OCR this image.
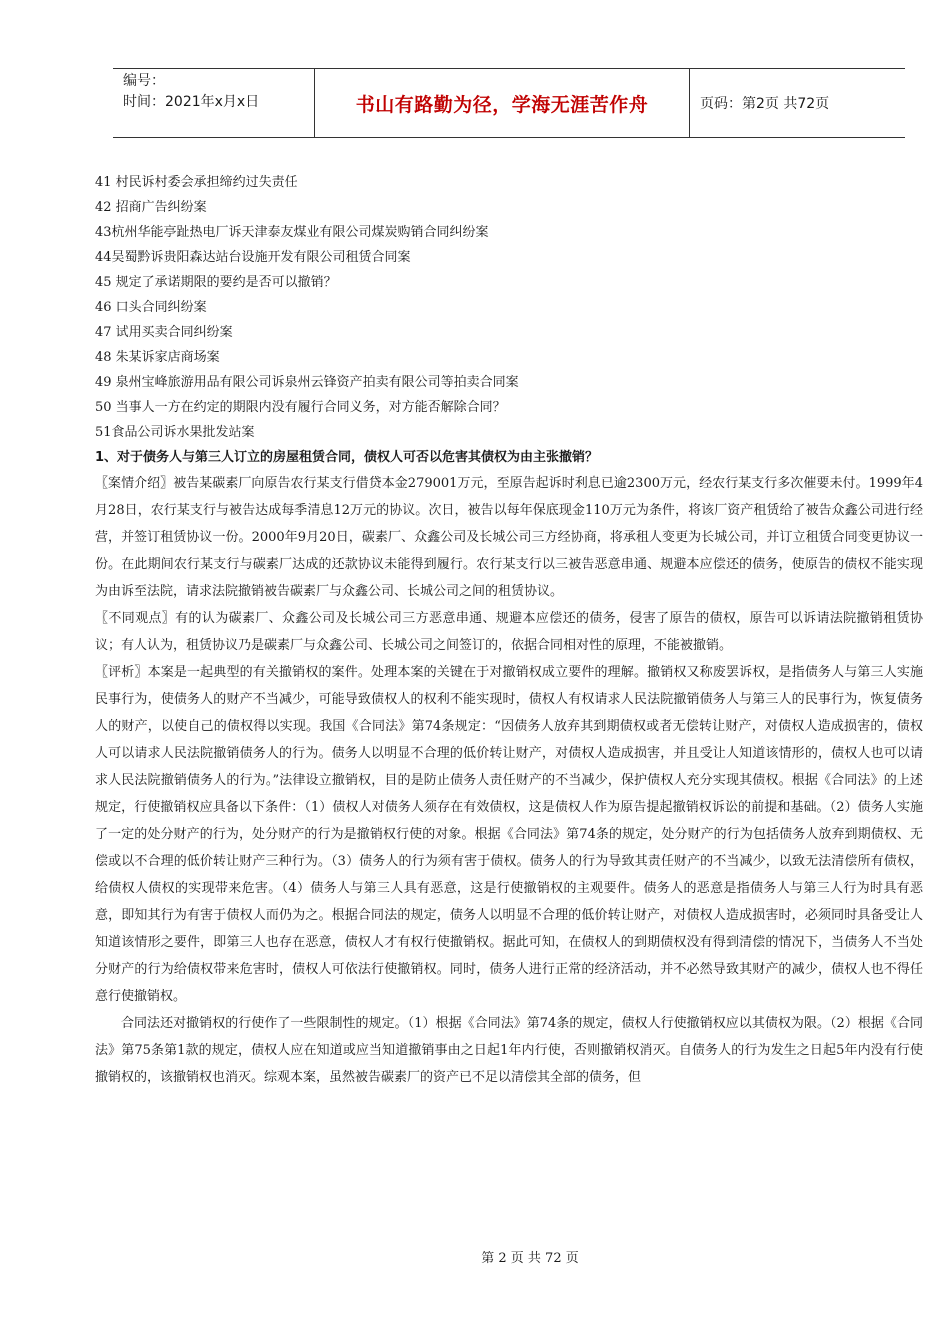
编号：
时间：2021年x月x日	书山有路勤为径，学海无涯苦作舟	页码：第2页 共72页
41 村民诉村委会承担缔约过失责任
42 招商广告纠纷案
43杭州华能亭趾热电厂诉天津泰友煤业有限公司煤炭购销合同纠纷案
44吴蜀黔诉贵阳森达站台设施开发有限公司租赁合同案
45 规定了承诺期限的要约是否可以撤销？
46 口头合同纠纷案
47 试用买卖合同纠纷案
48 朱某诉家店商场案
49 泉州宝峰旅游用品有限公司诉泉州云锋资产拍卖有限公司等拍卖合同案
50 当事人一方在约定的期限内没有履行合同义务，对方能否解除合同？
51食品公司诉水果批发站案
1、对于债务人与第三人订立的房屋租赁合同，债权人可否以危害其债权为由主张撤销？

〖案情介绍〗被告某碳素厂向原告农行某支行借贷本金279001万元，至原告起诉时利息已逾2300万元，经农行某支行多次催要未付。1999年4月28日，农行某支行与被告达成每季清息12万元的协议。次日，被告以每年保底现金110万元为条件，将该厂资产租赁给了被告众鑫公司进行经营，并签订租赁协议一份。2000年9月20日，碳素厂、众鑫公司及长城公司三方经协商，将承租人变更为长城公司，并订立租赁合同变更协议一份。在此期间农行某支行与碳素厂达成的还款协议未能得到履行。农行某支行以三被告恶意串通、规避本应偿还的债务，使原告的债权不能实现为由诉至法院，请求法院撤销被告碳素厂与众鑫公司、长城公司之间的租赁协议。

〖不同观点〗有的认为碳素厂、众鑫公司及长城公司三方恶意串通、规避本应偿还的债务，侵害了原告的债权，原告可以诉请法院撤销租赁协议；有人认为，租赁协议乃是碳素厂与众鑫公司、长城公司之间签订的，依据合同相对性的原理，不能被撤销。

〖评析〗本案是一起典型的有关撤销权的案件。处理本案的关键在于对撤销权成立要件的理解。撤销权又称废罢诉权，是指债务人与第三人实施民事行为，使债务人的财产不当减少，可能导致债权人的权利不能实现时，债权人有权请求人民法院撤销债务人与第三人的民事行为，恢复债务人的财产，以使自己的债权得以实现。我国《合同法》第74条规定：“因债务人放弃其到期债权或者无偿转让财产，对债权人造成损害的，债权人可以请求人民法院撤销债务人的行为。债务人以明显不合理的低价转让财产，对债权人造成损害，并且受让人知道该情形的，债权人也可以请求人民法院撤销债务人的行为。”法律设立撤销权，目的是防止债务人责任财产的不当减少，保护债权人充分实现其债权。根据《合同法》的上述规定，行使撤销权应具备以下条件：（1）债权人对债务人须存在有效债权，这是债权人作为原告提起撤销权诉讼的前提和基础。（2）债务人实施了一定的处分财产的行为，处分财产的行为是撤销权行使的对象。根据《合同法》第74条的规定，处分财产的行为包括债务人放弃到期债权、无偿或以不合理的低价转让财产三种行为。（3）债务人的行为须有害于债权。债务人的行为导致其责任财产的不当减少，以致无法清偿所有债权，给债权人债权的实现带来危害。（4）债务人与第三人具有恶意，这是行使撤销权的主观要件。债务人的恶意是指债务人与第三人行为时具有恶意，即知其行为有害于债权人而仍为之。根据合同法的规定，债务人以明显不合理的低价转让财产，对债权人造成损害时，必须同时具备受让人知道该情形之要件，即第三人也存在恶意，债权人才有权行使撤销权。据此可知，在债权人的到期债权没有得到清偿的情况下，当债务人不当处分财产的行为给债权带来危害时，债权人可依法行使撤销权。同时，债务人进行正常的经济活动，并不必然导致其财产的减少，债权人也不得任意行使撤销权。

合同法还对撤销权的行使作了一些限制性的规定。（1）根据《合同法》第74条的规定，债权人行使撤销权应以其债权为限。（2）根据《合同法》第75条第1款的规定，债权人应在知道或应当知道撤销事由之日起1年内行使，否则撤销权消灭。自债务人的行为发生之日起5年内没有行使撤销权的，该撤销权也消灭。综观本案，虽然被告碳素厂的资产已不足以清偿其全部的债务，但

第 2 页 共 72 页
